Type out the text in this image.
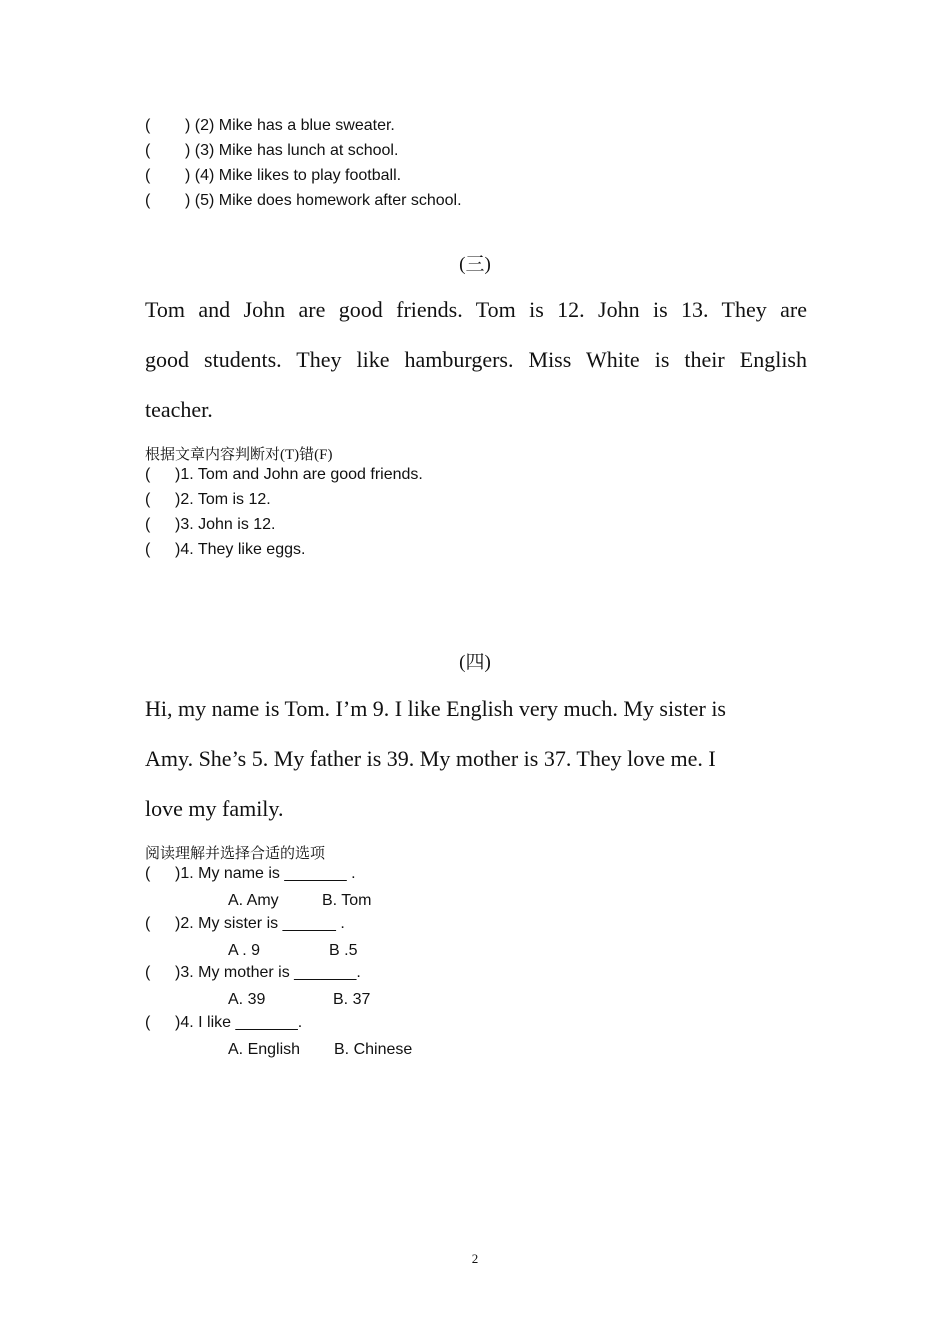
( ) (2) Mike has a blue sweater.
( ) (3) Mike has lunch at school.
( ) (4) Mike likes to play football.
( ) (5) Mike does homework after school.
(三)
Tom and John are good friends. Tom is 12. John is 13. They are
good students. They like hamburgers. Miss White is their English
teacher.
根据文章内容判断对(T)错(F)
( )1. Tom and John are good friends.
( )2. Tom is 12.
( )3. John is 12.
( )4. They like eggs.
(四)
Hi, my name is Tom. I’m 9. I like English very much. My sister is
Amy. She’s 5. My father is 39. My mother is 37. They love me. I
love my family.
阅读理解并选择合适的选项
( )1. My name is _______ .
A. Amy	B. Tom
( )2. My sister is ______ .
A . 9	B .5
( )3. My mother is _______.
A. 39	B. 37
( )4. I like _______.
A. English B. Chinese
2
